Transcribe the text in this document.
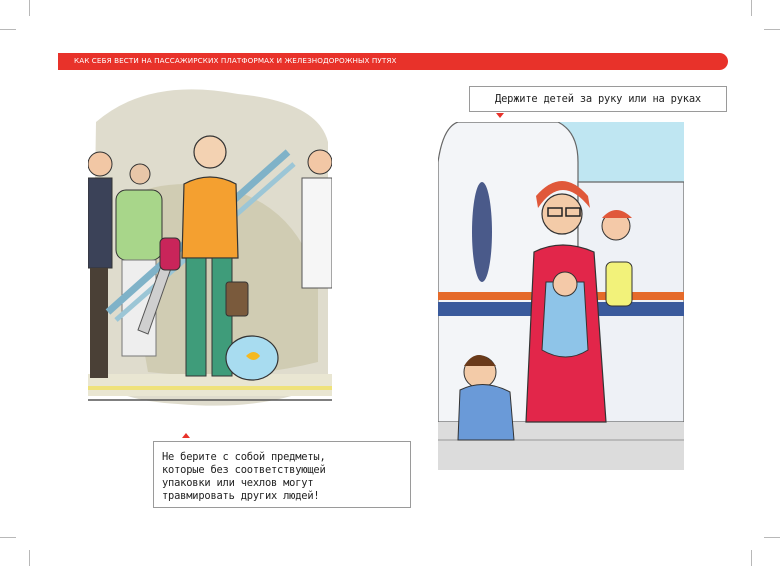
КАК СЕБЯ ВЕСТИ НА ПАССАЖИРСКИХ ПЛАТФОРМАХ И ЖЕЛЕЗНОДОРОЖНЫХ ПУТЯХ
Держите детей за руку или на руках
Не берите с собой предметы,
которые без соответствующей
упаковки или чехлов могут
травмировать других людей!
